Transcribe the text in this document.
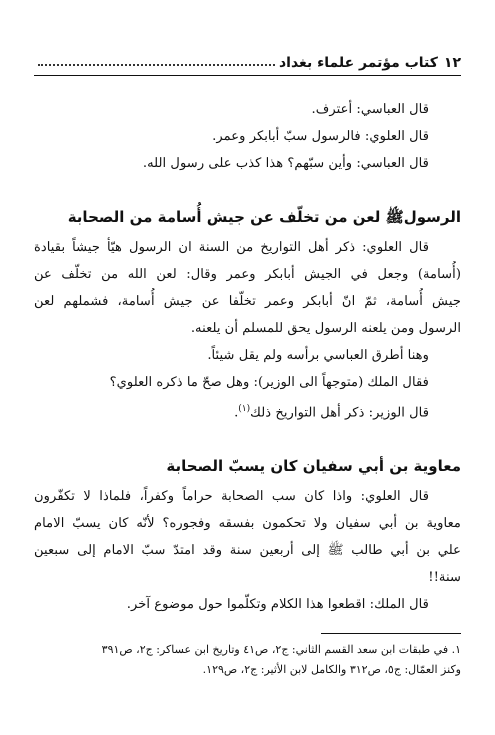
١٢
كتاب مؤتمر علماء بغداد
قال العباسي: أعترف.
قال العلوي: فالرسول سبّ أبابكر وعمر.
قال العباسي: وأين سبّهم؟ هذا كذب على رسول الله.
الرسولﷺ لعن من تخلّف عن جيش أُسامة من الصحابة
قال العلوي: ذكر أهل التواريخ من السنة ان الرسول هيّأ جيشاً بقيادة
(أُسامة) وجعل في الجيش أبابكر وعمر وقال: لعن الله من تخلّف عن
جيش أُسامة، ثمّ انّ أبابكر وعمر تخلّفا عن جيش أُسامة، فشملهم لعن
الرسول ومن يلعنه الرسول يحق للمسلم أن يلعنه.
وهنا أطرق العباسي برأسه ولم يقل شيئاً.
فقال الملك (متوجهاً الى الوزير): وهل صحّ ما ذكره العلوي؟
قال الوزير: ذكر أهل التواريخ ذلك$^{(١)}$.
معاوية بن أبي سفيان كان يسبّ الصحابة
قال العلوي: واذا كان سب الصحابة حراماً وكفراً، فلماذا لا تكفّرون
معاوية بن أبي سفيان ولا تحكمون بفسقه وفجوره؟ لأنّه كان يسبّ الامام
علي بن أبي طالب ﷺ إلى أربعين سنة وقد امتدّ سبّ الامام إلى سبعين
سنة!!
قال الملك: اقطعوا هذا الكلام وتكلّموا حول موضوع آخر.
١. في طبقات ابن سعد القسم الثاني: ج٢، ص٤١ وتاريخ ابن عساكر: ج٢، ص٣٩١
وكنز العمّال: ج٥، ص٣١٢ والكامل لابن الأثير: ج٢، ص١٢٩.
